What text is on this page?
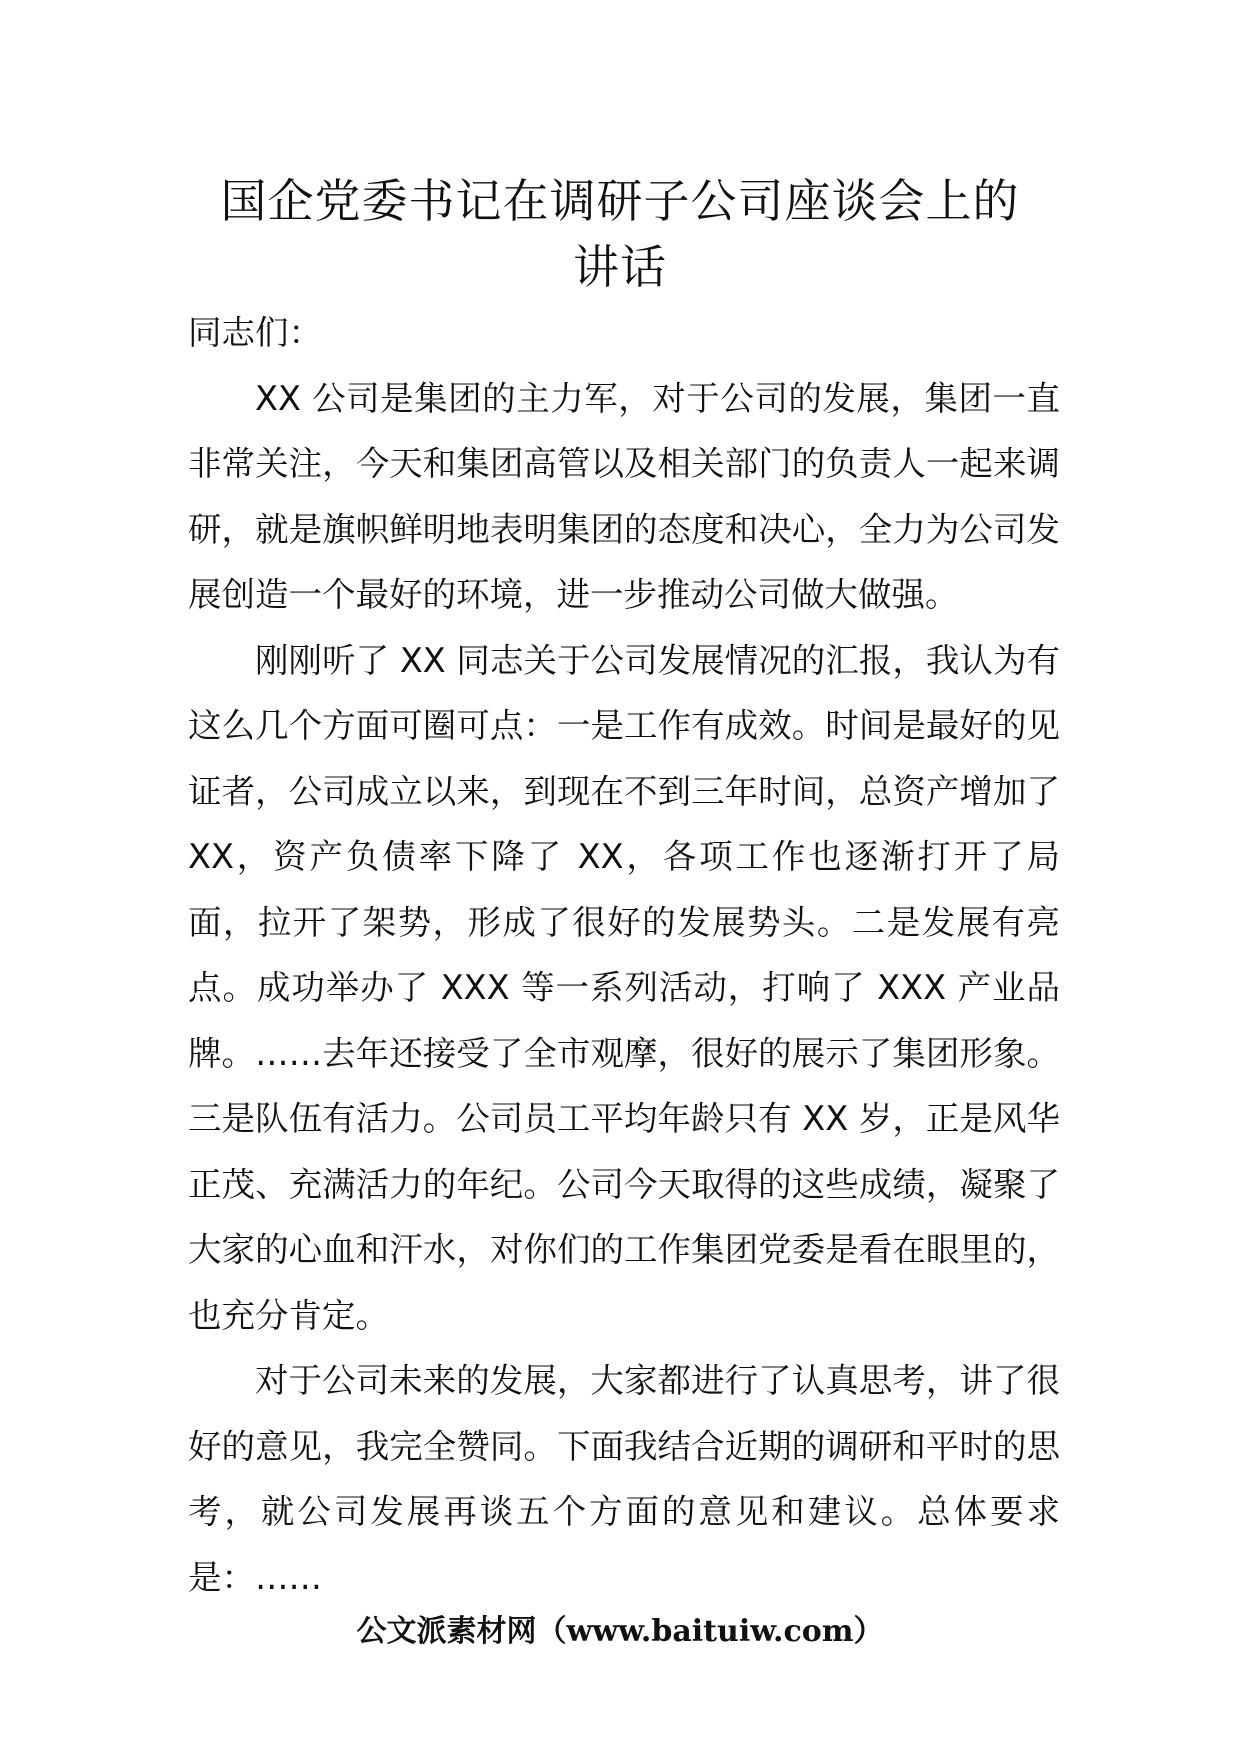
国企党委书记在调研子公司座谈会上的
讲话

同志们：

XX 公司是集团的主力军，对于公司的发展，集团一直非常关注，今天和集团高管以及相关部门的负责人一起来调研，就是旗帜鲜明地表明集团的态度和决心，全力为公司发展创造一个最好的环境，进一步推动公司做大做强。

刚刚听了 XX 同志关于公司发展情况的汇报，我认为有这么几个方面可圈可点：一是工作有成效。时间是最好的见证者，公司成立以来，到现在不到三年时间，总资产增加了 XX，资产负债率下降了 XX，各项工作也逐渐打开了局面，拉开了架势，形成了很好的发展势头。二是发展有亮点。成功举办了 XXX 等一系列活动，打响了 XXX 产业品牌。……去年还接受了全市观摩，很好的展示了集团形象。三是队伍有活力。公司员工平均年龄只有 XX 岁，正是风华正茂、充满活力的年纪。公司今天取得的这些成绩，凝聚了大家的心血和汗水，对你们的工作集团党委是看在眼里的，也充分肯定。

对于公司未来的发展，大家都进行了认真思考，讲了很好的意见，我完全赞同。下面我结合近期的调研和平时的思考，就公司发展再谈五个方面的意见和建议。总体要求是：……

公文派素材网（www.baituiw.com）
